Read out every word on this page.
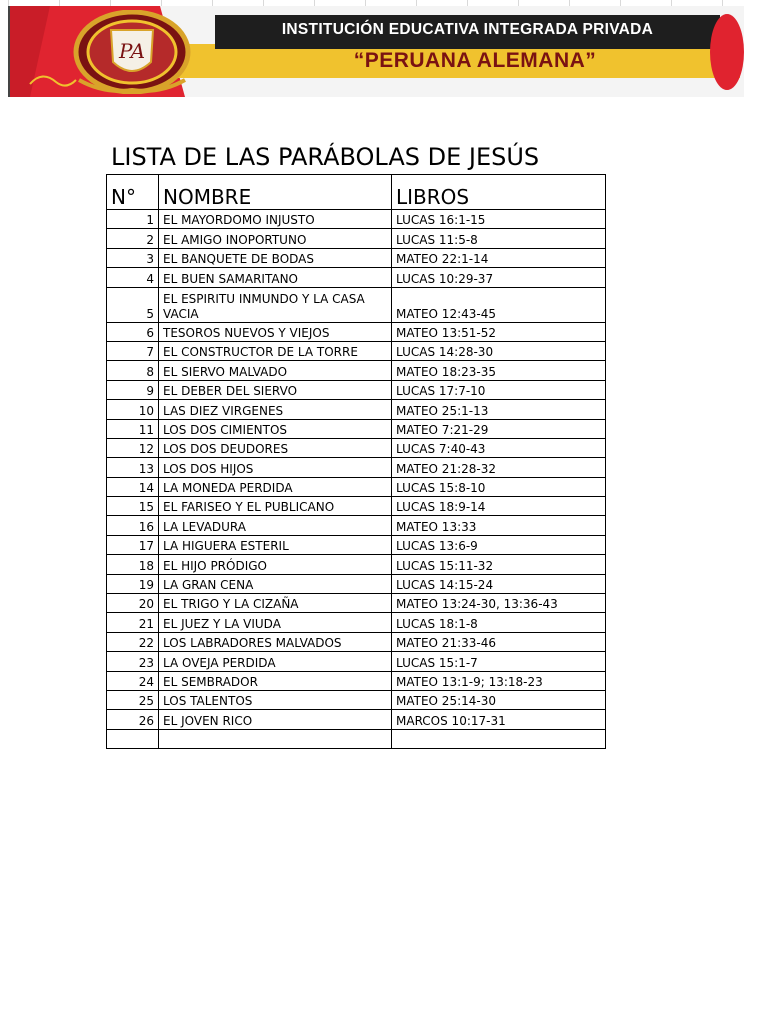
“PERUANA ALEMANA”
INSTITUCIÓN EDUCATIVA INTEGRADA PRIVADA
PA
LISTA DE LAS PARÁBOLAS DE JESÚS
N°	NOMBRE	LIBROS
1	EL MAYORDOMO INJUSTO	LUCAS 16:1-15
2	EL AMIGO INOPORTUNO	LUCAS 11:5-8
3	EL BANQUETE DE BODAS	MATEO 22:1-14
4	EL BUEN SAMARITANO	LUCAS 10:29-37
5	EL ESPIRITU INMUNDO Y LA CASA VACIA	MATEO 12:43-45
6	TESOROS NUEVOS Y VIEJOS	MATEO 13:51-52
7	EL CONSTRUCTOR DE LA TORRE	LUCAS 14:28-30
8	EL SIERVO MALVADO	MATEO 18:23-35
9	EL DEBER DEL SIERVO	LUCAS 17:7-10
10	LAS DIEZ VIRGENES	MATEO 25:1-13
11	LOS DOS CIMIENTOS	MATEO 7:21-29
12	LOS DOS DEUDORES	LUCAS 7:40-43
13	LOS DOS HIJOS	MATEO 21:28-32
14	LA MONEDA PERDIDA	LUCAS 15:8-10
15	EL FARISEO Y EL PUBLICANO	LUCAS 18:9-14
16	LA LEVADURA	MATEO 13:33
17	LA HIGUERA ESTERIL	LUCAS 13:6-9
18	EL HIJO PRÓDIGO	LUCAS 15:11-32
19	LA GRAN CENA	LUCAS 14:15-24
20	EL TRIGO Y LA CIZAÑA	MATEO 13:24-30, 13:36-43
21	EL JUEZ Y LA VIUDA	LUCAS 18:1-8
22	LOS LABRADORES MALVADOS	MATEO 21:33-46
23	LA OVEJA PERDIDA	LUCAS 15:1-7
24	EL SEMBRADOR	MATEO 13:1-9; 13:18-23
25	LOS TALENTOS	MATEO 25:14-30
26	EL JOVEN RICO	MARCOS 10:17-31
